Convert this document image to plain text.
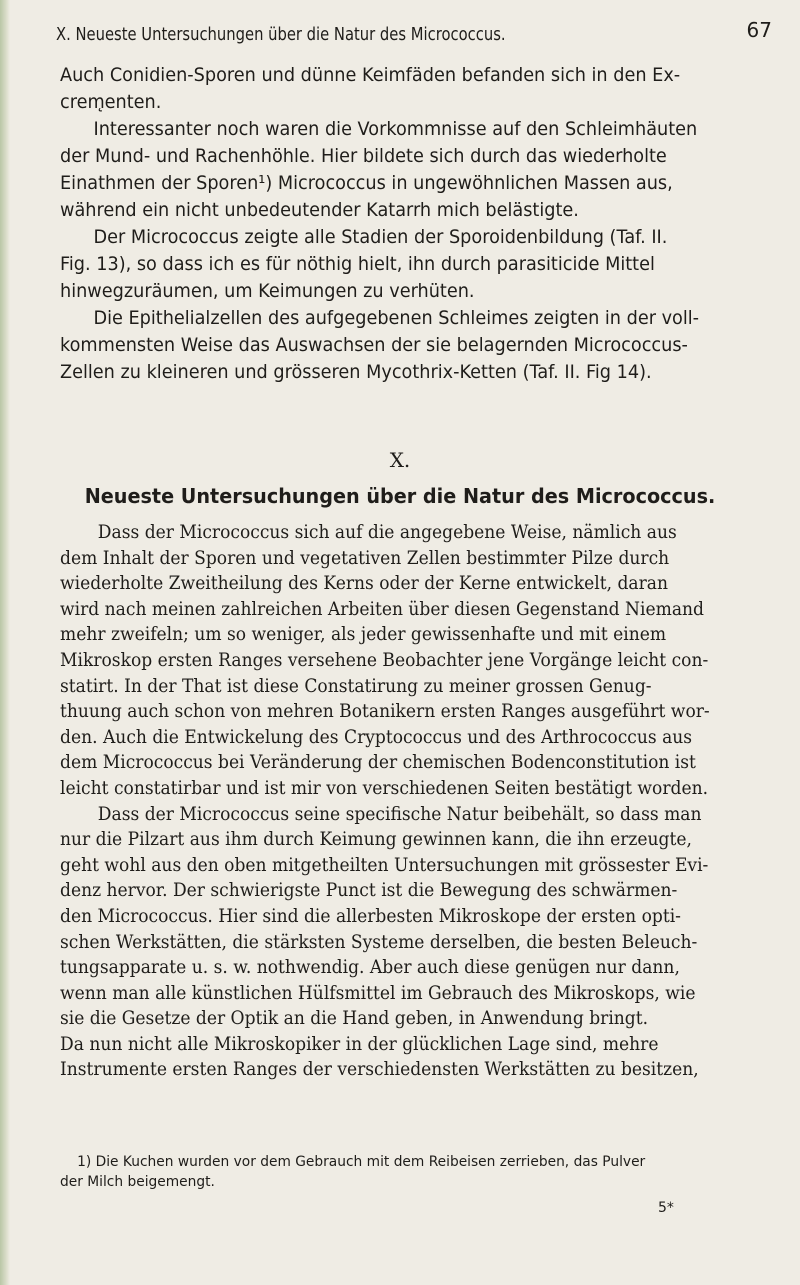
X. Neueste Untersuchungen über die Natur des Micrococcus.	67

Auch Conidien-Sporen und dünne Keimfäden befanden sich in den Ex-
crem̨enten.

Interessanter noch waren die Vorkommnisse auf den Schleimhäuten
der Mund- und Rachenhöhle. Hier bildete sich durch das wiederholte
Einathmen der Sporen¹) Micrococcus in ungewöhnlichen Massen aus,
während ein nicht unbedeutender Katarrh mich belästigte.

Der Micrococcus zeigte alle Stadien der Sporoidenbildung (Taf. II.
Fig. 13), so dass ich es für nöthig hielt, ihn durch parasiticide Mittel
hinwegzuräumen, um Keimungen zu verhüten.

Die Epithelialzellen des aufgegebenen Schleimes zeigten in der voll-
kommensten Weise das Auswachsen der sie belagernden Micrococcus-
Zellen zu kleineren und grösseren Mycothrix-Ketten (Taf. II. Fig 14).

X.
Neueste Untersuchungen über die Natur des Micrococcus.
Dass der Micrococcus sich auf die angegebene Weise, nämlich aus
dem Inhalt der Sporen und vegetativen Zellen bestimmter Pilze durch
wiederholte Zweitheilung des Kerns oder der Kerne entwickelt, daran
wird nach meinen zahlreichen Arbeiten über diesen Gegenstand Niemand
mehr zweifeln; um so weniger, als jeder gewissenhafte und mit einem
Mikroskop ersten Ranges versehene Beobachter jene Vorgänge leicht con-
statirt. In der That ist diese Constatirung zu meiner grossen Genug-
thuung auch schon von mehren Botanikern ersten Ranges ausgeführt wor-
den. Auch die Entwickelung des Cryptococcus und des Arthrococcus aus
dem Micrococcus bei Veränderung der chemischen Bodenconstitution ist
leicht constatirbar und ist mir von verschiedenen Seiten bestätigt worden.
Dass der Micrococcus seine specifische Natur beibehält, so dass man
nur die Pilzart aus ihm durch Keimung gewinnen kann, die ihn erzeugte,
geht wohl aus den oben mitgetheilten Untersuchungen mit grössester Evi-
denz hervor. Der schwierigste Punct ist die Bewegung des schwärmen-
den Micrococcus. Hier sind die allerbesten Mikroskope der ersten opti-
schen Werkstätten, die stärksten Systeme derselben, die besten Beleuch-
tungsapparate u. s. w. nothwendig. Aber auch diese genügen nur dann,
wenn man alle künstlichen Hülfsmittel im Gebrauch des Mikroskops, wie
sie die Gesetze der Optik an die Hand geben, in Anwendung bringt.
Da nun nicht alle Mikroskopiker in der glücklichen Lage sind, mehre
Instrumente ersten Ranges der verschiedensten Werkstätten zu besitzen,
1) Die Kuchen wurden vor dem Gebrauch mit dem Reibeisen zerrieben, das Pulver
der Milch beigemengt.
5*
